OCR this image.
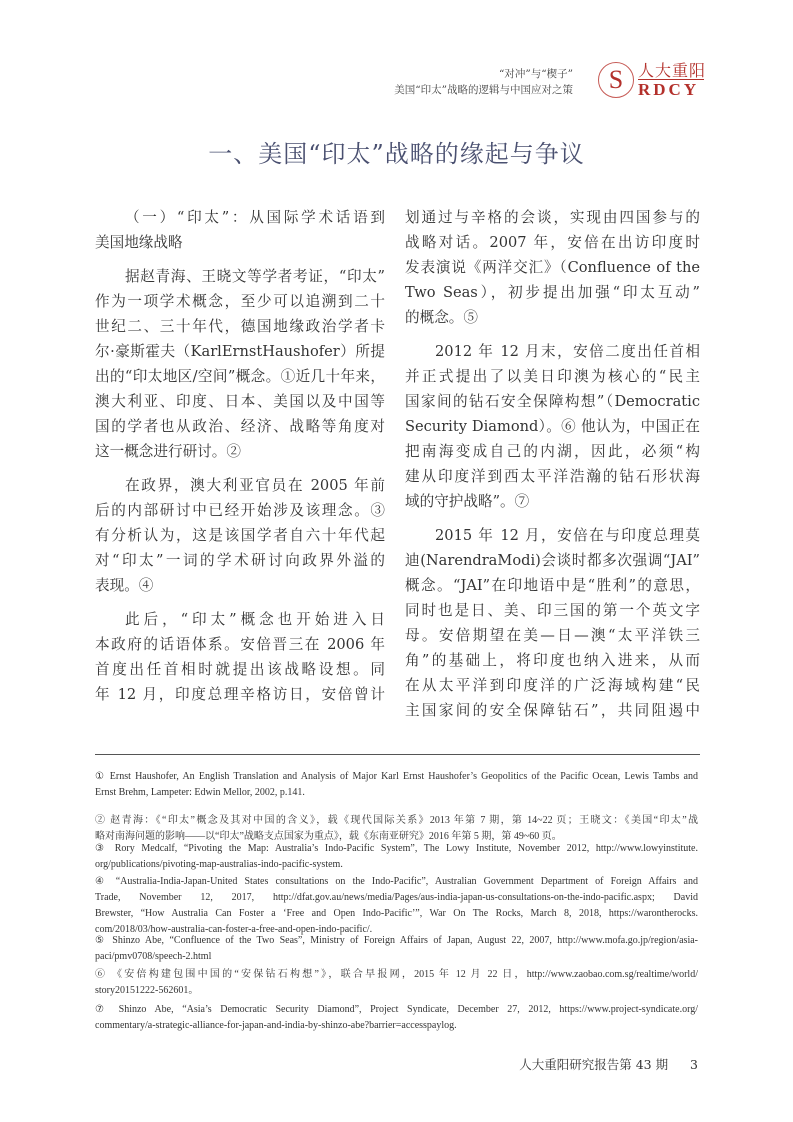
“对冲”与“楔子”
美国“印太”战略的逻辑与中国应对之策	S 人大重阳
RDCY
一、美国“印太”战略的缘起与争议
（一）“印太”：从国际学术话语到
美国地缘战略
据赵青海、王晓文等学者考证，“印太”
作为一项学术概念，至少可以追溯到二十
世纪二、三十年代，德国地缘政治学者卡
尔·豪斯霍夫（KarlErnstHaushofer）所提
出的“印太地区/空间”概念。①近几十年来，
澳大利亚、印度、日本、美国以及中国等
国的学者也从政治、经济、战略等角度对
这一概念进行研讨。②
在政界，澳大利亚官员在 2005 年前
后的内部研讨中已经开始涉及该理念。③
有分析认为，这是该国学者自六十年代起
对“印太”一词的学术研讨向政界外溢的
表现。④
此后，“印太”概念也开始进入日
本政府的话语体系。安倍晋三在 2006 年
首度出任首相时就提出该战略设想。同
年 12 月，印度总理辛格访日，安倍曾计
划通过与辛格的会谈，实现由四国参与的
战略对话。2007 年，安倍在出访印度时
发表演说《两洋交汇》（Confluence of the
Two Seas），初步提出加强“印太互动”
的概念。⑤
2012 年 12 月末，安倍二度出任首相
并正式提出了以美日印澳为核心的“民主
国家间的钻石安全保障构想”（Democratic
Security Diamond）。⑥ 他认为，中国正在
把南海变成自己的内湖，因此，必须“构
建从印度洋到西太平洋浩瀚的钻石形状海
域的守护战略”。⑦
2015 年 12 月，安倍在与印度总理莫
迪(NarendraModi)会谈时都多次强调“JAI”
概念。“JAI”在印地语中是“胜利”的意思，
同时也是日、美、印三国的第一个英文字
母。安倍期望在美—日—澳“太平洋铁三
角”的基础上，将印度也纳入进来，从而
在从太平洋到印度洋的广泛海域构建“民
主国家间的安全保障钻石”，共同阻遏中
① Ernst Haushofer, An English Translation and Analysis of Major Karl Ernst Haushofer’s Geopolitics of the Pacific Ocean, Lewis Tambs and
Ernst Brehm, Lampeter: Edwin Mellor, 2002, p.141.
② 赵青海：《“印太”概念及其对中国的含义》，载《现代国际关系》2013 年第 7 期，第 14~22 页；王晓文：《美国“印太”战
略对南海问题的影响——以“印太”战略支点国家为重点》，载《东南亚研究》2016 年第 5 期，第 49~60 页。
③ Rory Medcalf, “Pivoting the Map: Australia’s Indo-Pacific System”, The Lowy Institute, November 2012, http://www.lowyinstitute.
org/publications/pivoting-map-australias-indo-pacific-system.
④ “Australia-India-Japan-United States consultations on the Indo-Pacific”, Australian Government Department of Foreign Affairs and
Trade, November 12, 2017, http://dfat.gov.au/news/media/Pages/aus-india-japan-us-consultations-on-the-indo-pacific.aspx; David
Brewster, “How Australia Can Foster a ‘Free and Open Indo-Pacific’”, War On The Rocks, March 8, 2018, https://warontherocks.
com/2018/03/how-australia-can-foster-a-free-and-open-indo-pacific/.
⑤ Shinzo Abe, “Confluence of the Two Seas”, Ministry of Foreign Affairs of Japan, August 22, 2007, http://www.mofa.go.jp/region/asia-
paci/pmv0708/speech-2.html
⑥ 《安倍构建包围中国的“安保钻石构想”》，联合早报网，2015 年 12 月 22 日，http://www.zaobao.com.sg/realtime/world/
story20151222-562601。
⑦ Shinzo Abe, “Asia’s Democratic Security Diamond”, Project Syndicate, December 27, 2012, https://www.project-syndicate.org/
commentary/a-strategic-alliance-for-japan-and-india-by-shinzo-abe?barrier=accesspaylog.
人大重阳研究报告第 43 期 3
